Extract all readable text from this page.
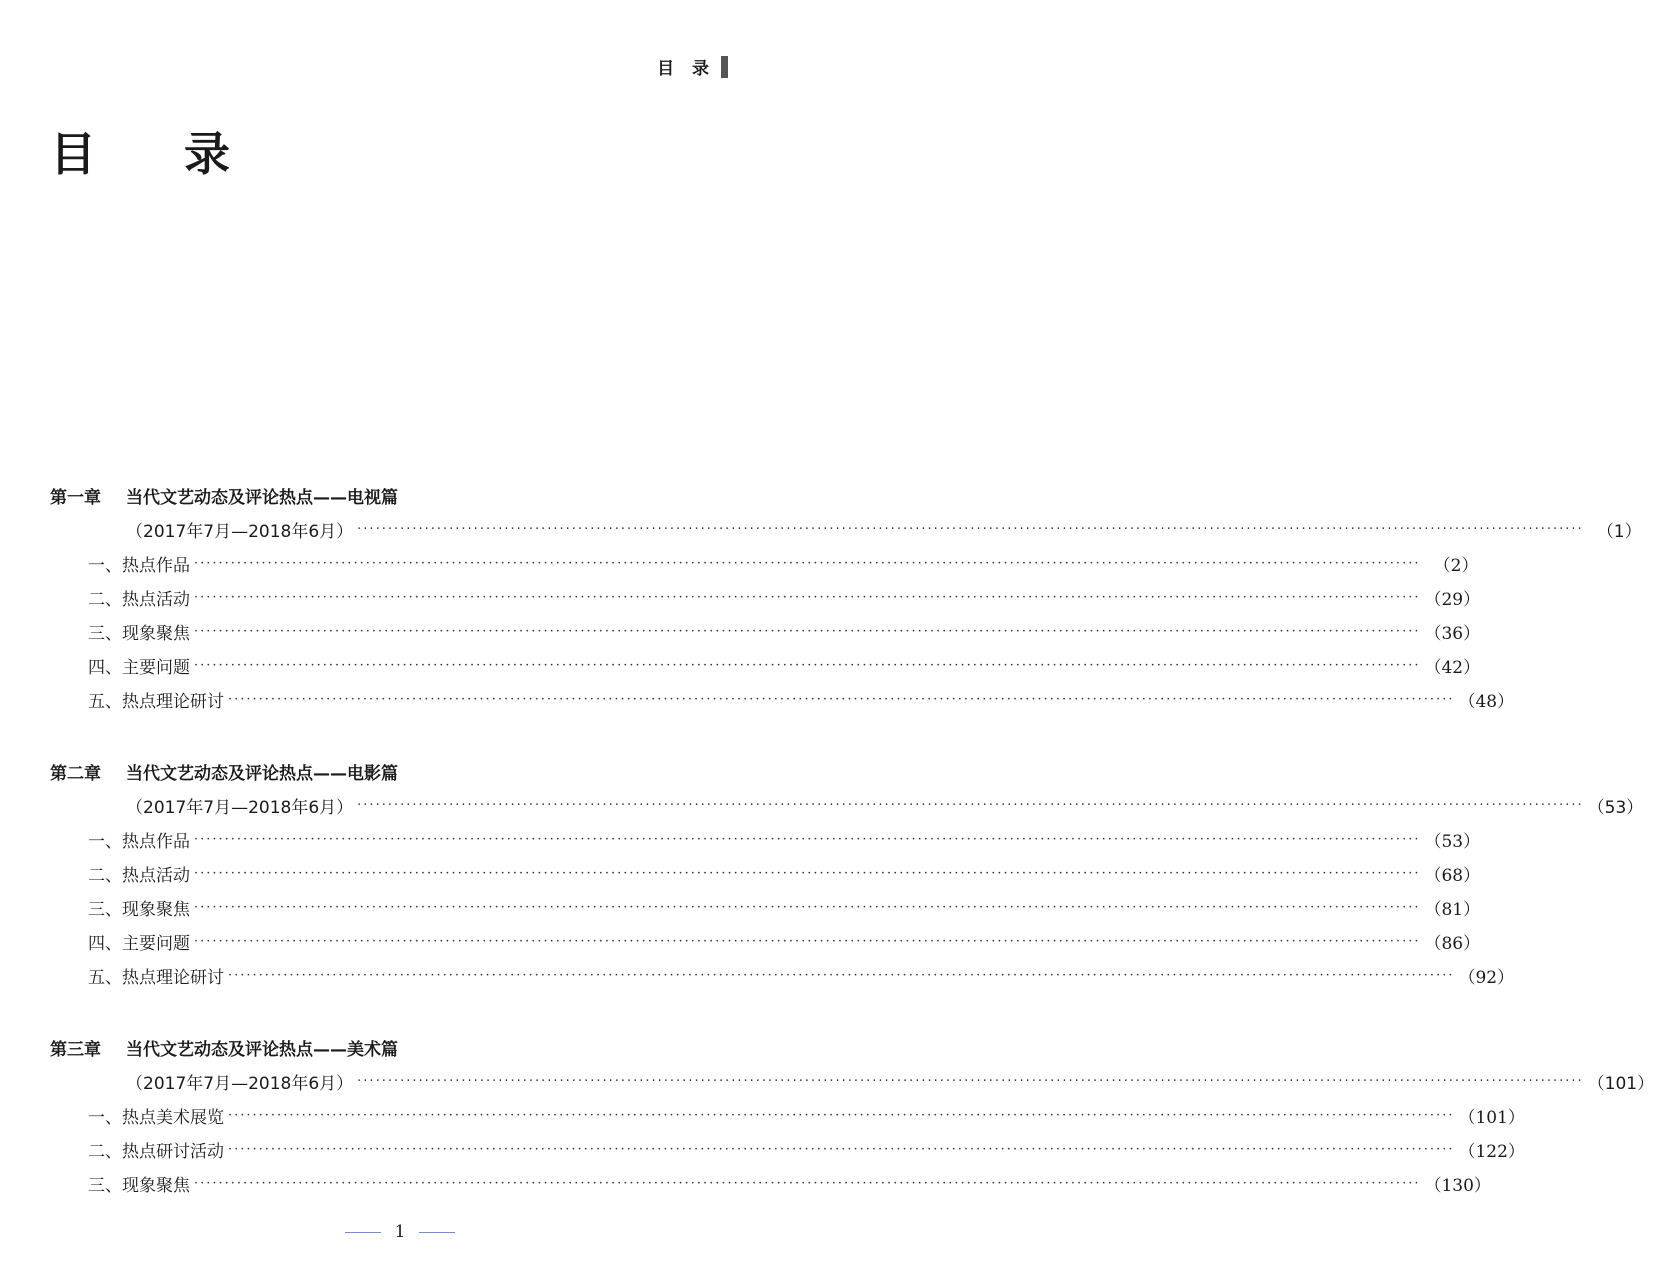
目 录
目 录
第一章	当代文艺动态及评论热点——电视篇
（2017年7月—2018年6月） ········································································································································································································ （1）
一、 热点作品 ········································································································································································································ （2）
二、 热点活动 ········································································································································································································ （29）
三、 现象聚焦 ········································································································································································································ （36）
四、 主要问题 ········································································································································································································ （42）
五、 热点理论研讨 ········································································································································································································ （48）
第二章	当代文艺动态及评论热点——电影篇
（2017年7月—2018年6月） ········································································································································································································ （53）
一、 热点作品 ········································································································································································································ （53）
二、 热点活动 ········································································································································································································ （68）
三、 现象聚焦 ········································································································································································································ （81）
四、 主要问题 ········································································································································································································ （86）
五、 热点理论研讨 ········································································································································································································ （92）
第三章	当代文艺动态及评论热点——美术篇
（2017年7月—2018年6月） ········································································································································································································ （101）
一、 热点美术展览 ········································································································································································································ （101）
二、 热点研讨活动 ········································································································································································································ （122）
三、 现象聚焦 ········································································································································································································ （130）
1
